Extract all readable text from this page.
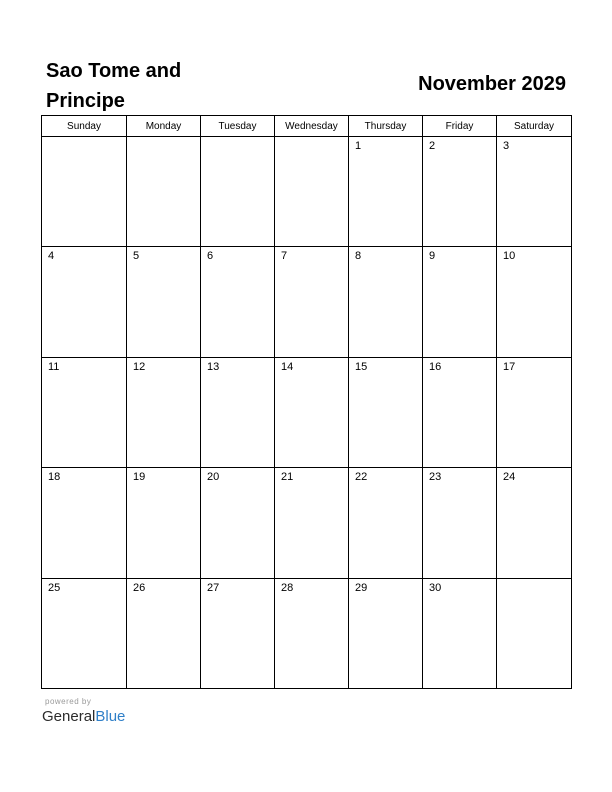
Sao Tome and Principe
November 2029
Sunday	Monday	Tuesday	Wednesday	Thursday	Friday	Saturday

				1	2	3

4	5	6	7	8	9	10

11	12	13	14	15	16	17

18	19	20	21	22	23	24

25	26	27	28	29	30	

powered by
GeneralBlue
